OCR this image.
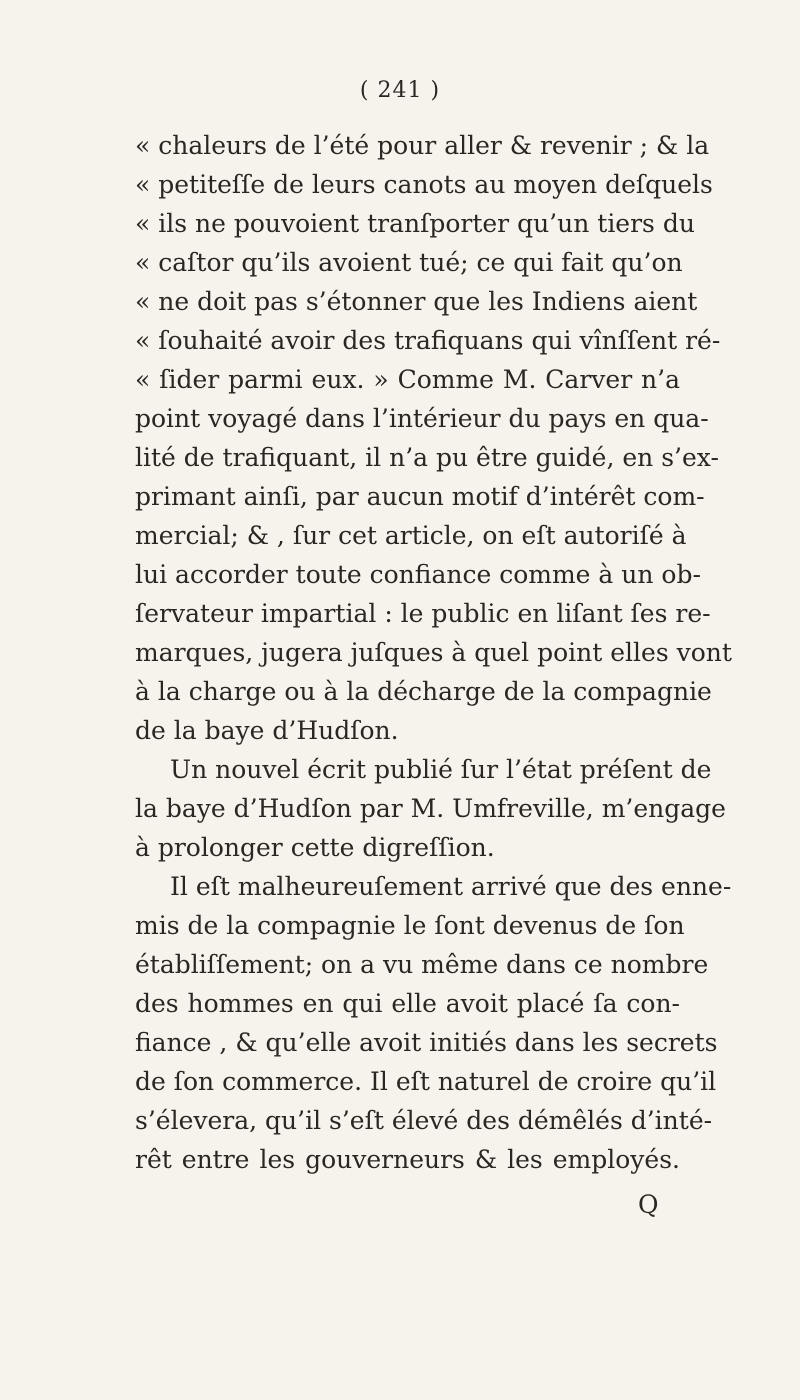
( 241 )
« chaleurs de l’été pour aller & revenir ; & la
« petiteſſe de leurs canots au moyen deſquels
« ils ne pouvoient tranſporter qu’un tiers du
« caſtor qu’ils avoient tué; ce qui fait qu’on
« ne doit pas s’étonner que les Indiens aient
« ſouhaité avoir des trafiquans qui vînſſent ré-
« ſider parmi eux. » Comme M. Carver n’a
point voyagé dans l’intérieur du pays en qua-
lité de trafiquant, il n’a pu être guidé, en s’ex-
primant ainſi, par aucun motif d’intérêt com-
mercial; & , ſur cet article, on eſt autoriſé à
lui accorder toute confiance comme à un ob-
ſervateur impartial : le public en liſant ſes re-
marques, jugera juſques à quel point elles vont
à la charge ou à la décharge de la compagnie
de la baye d’Hudſon.
Un nouvel écrit publié ſur l’état préſent de
la baye d’Hudſon par M. Umfreville, m’engage
à prolonger cette digreſſion.
Il eſt malheureuſement arrivé que des enne-
mis de la compagnie le ſont devenus de ſon
établiſſement; on a vu même dans ce nombre
des hommes en qui elle avoit placé ſa con-
fiance , & qu’elle avoit initiés dans les secrets
de ſon commerce. Il eſt naturel de croire qu’il
s’élevera, qu’il s’eſt élevé des démêlés d’inté-
rêt entre les gouverneurs & les employés.
Q
